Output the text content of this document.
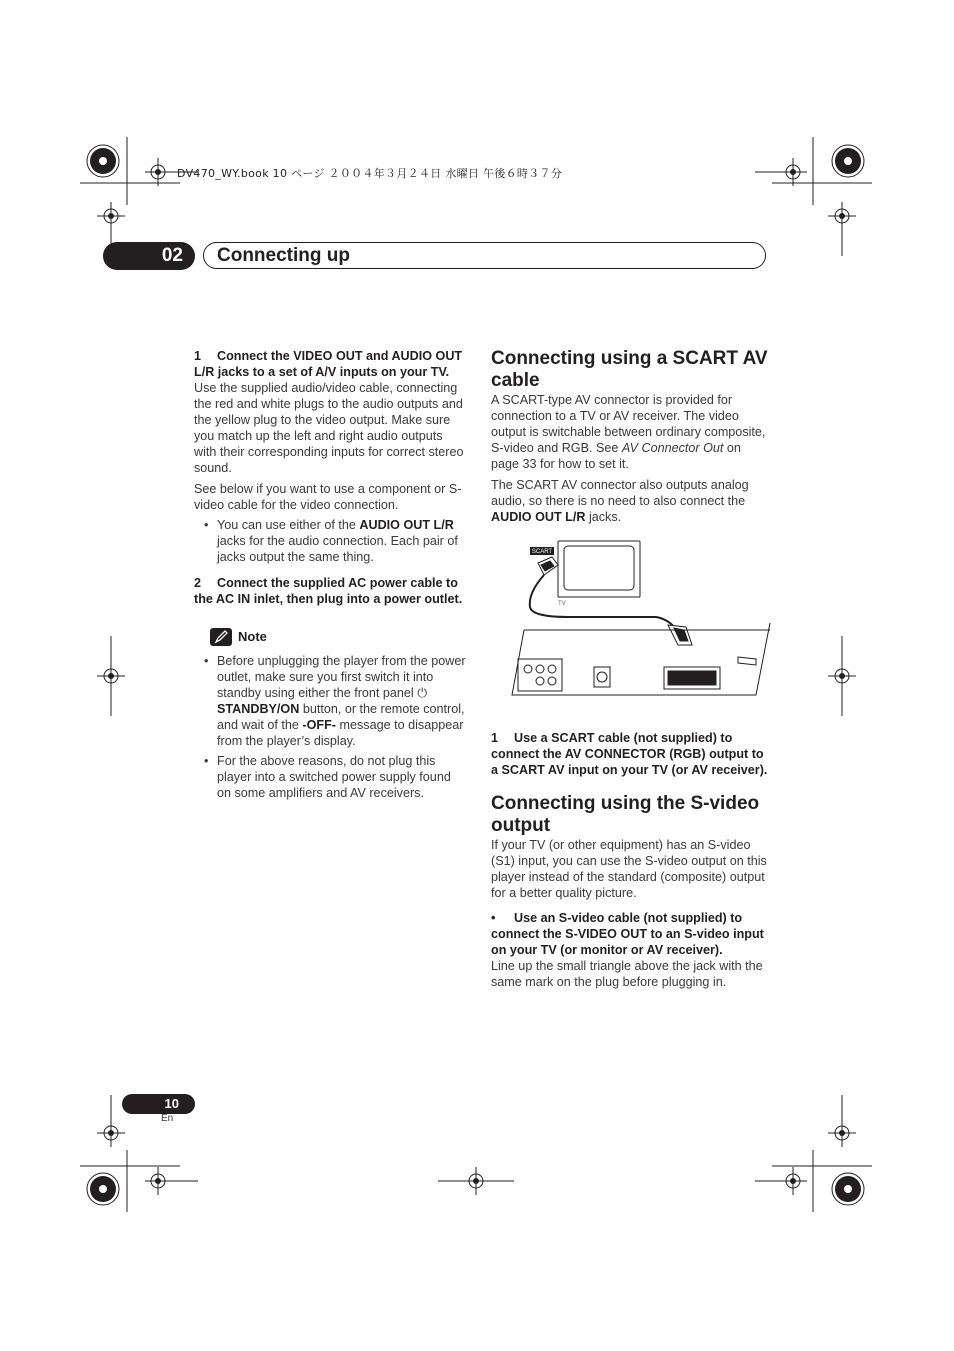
DV470_WY.book 10 ページ ２００４年３月２４日 水曜日 午後６時３７分
02	Connecting up

1 Connect the VIDEO OUT and AUDIO OUT L/R jacks to a set of A/V inputs on your TV.

Use the supplied audio/video cable, connecting the red and white plugs to the audio outputs and the yellow plug to the video output. Make sure you match up the left and right audio outputs with their corresponding inputs for correct stereo sound.

See below if you want to use a component or S-video cable for the video connection.

• You can use either of the AUDIO OUT L/R jacks for the audio connection. Each pair of jacks output the same thing.

2 Connect the supplied AC power cable to the AC IN inlet, then plug into a power outlet.

Note

• Before unplugging the player from the power outlet, make sure you first switch it into standby using either the front panel ⏻
STANDBY/ON button, or the remote control, and wait of the -OFF- message to disappear from the player’s display.

• For the above reasons, do not plug this player into a switched power supply found on some amplifiers and AV receivers.

Connecting using a SCART AV cable

A SCART-type AV connector is provided for connection to a TV or AV receiver. The video output is switchable between ordinary composite, S-video and RGB. See AV Connector Out on page 33 for how to set it.

The SCART AV connector also outputs analog audio, so there is no need to also connect the AUDIO OUT L/R jacks.

SCART
TV

1 Use a SCART cable (not supplied) to connect the AV CONNECTOR (RGB) output to a SCART AV input on your TV (or AV receiver).

Connecting using the S-video output

If your TV (or other equipment) has an S-video (S1) input, you can use the S-video output on this player instead of the standard (composite) output for a better quality picture.

• Use an S-video cable (not supplied) to connect the S-VIDEO OUT to an S-video input on your TV (or monitor or AV receiver).

Line up the small triangle above the jack with the same mark on the plug before plugging in.

10
En
